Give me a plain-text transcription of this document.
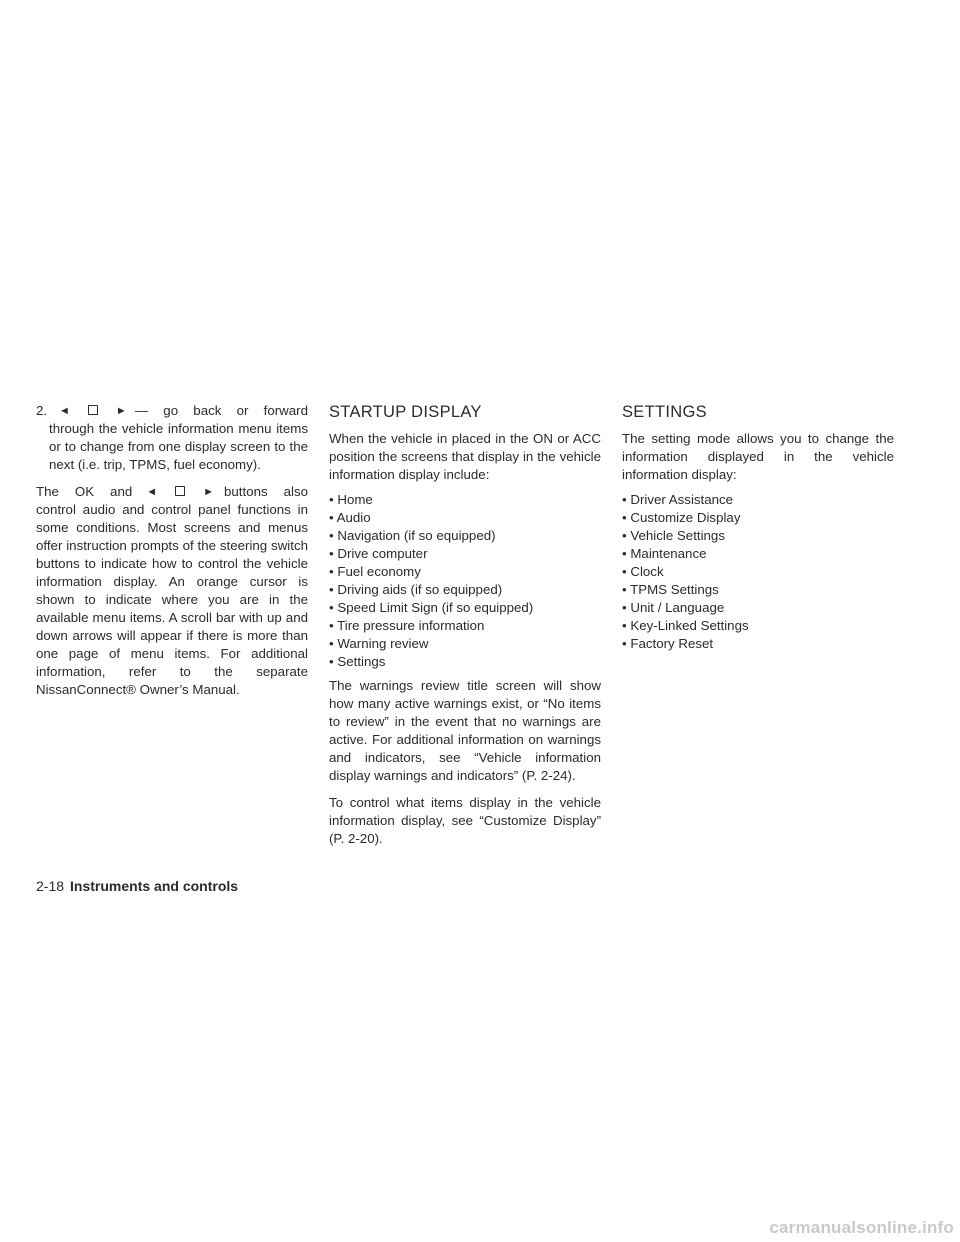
2.	◄	► — go back or forward through the vehicle information menu items or to change from one display screen to the next (i.e. trip, TPMS, fuel economy).

The OK and ◄	► buttons also control audio and control panel functions in some conditions. Most screens and menus offer instruction prompts of the steering switch buttons to indicate how to control the vehicle information display. An orange cursor is shown to indicate where you are in the available menu items. A scroll bar with up and down arrows will appear if there is more than one page of menu items. For additional information, refer to the separate NissanConnect® Owner’s Manual.

STARTUP DISPLAY

When the vehicle in placed in the ON or ACC position the screens that display in the vehicle information display include:

• Home
• Audio
• Navigation (if so equipped)
• Drive computer
• Fuel economy
• Driving aids (if so equipped)
• Speed Limit Sign (if so equipped)
• Tire pressure information
• Warning review
• Settings

The warnings review title screen will show how many active warnings exist, or “No items to review” in the event that no warnings are active. For additional information on warnings and indicators, see “Vehicle information display warnings and indicators” (P. 2-24).

To control what items display in the vehicle information display, see “Customize Display” (P. 2-20).

SETTINGS

The setting mode allows you to change the information displayed in the vehicle information display:

• Driver Assistance
• Customize Display
• Vehicle Settings
• Maintenance
• Clock
• TPMS Settings
• Unit / Language
• Key-Linked Settings
• Factory Reset
2-18 Instruments and controls
carmanualsonline.info
